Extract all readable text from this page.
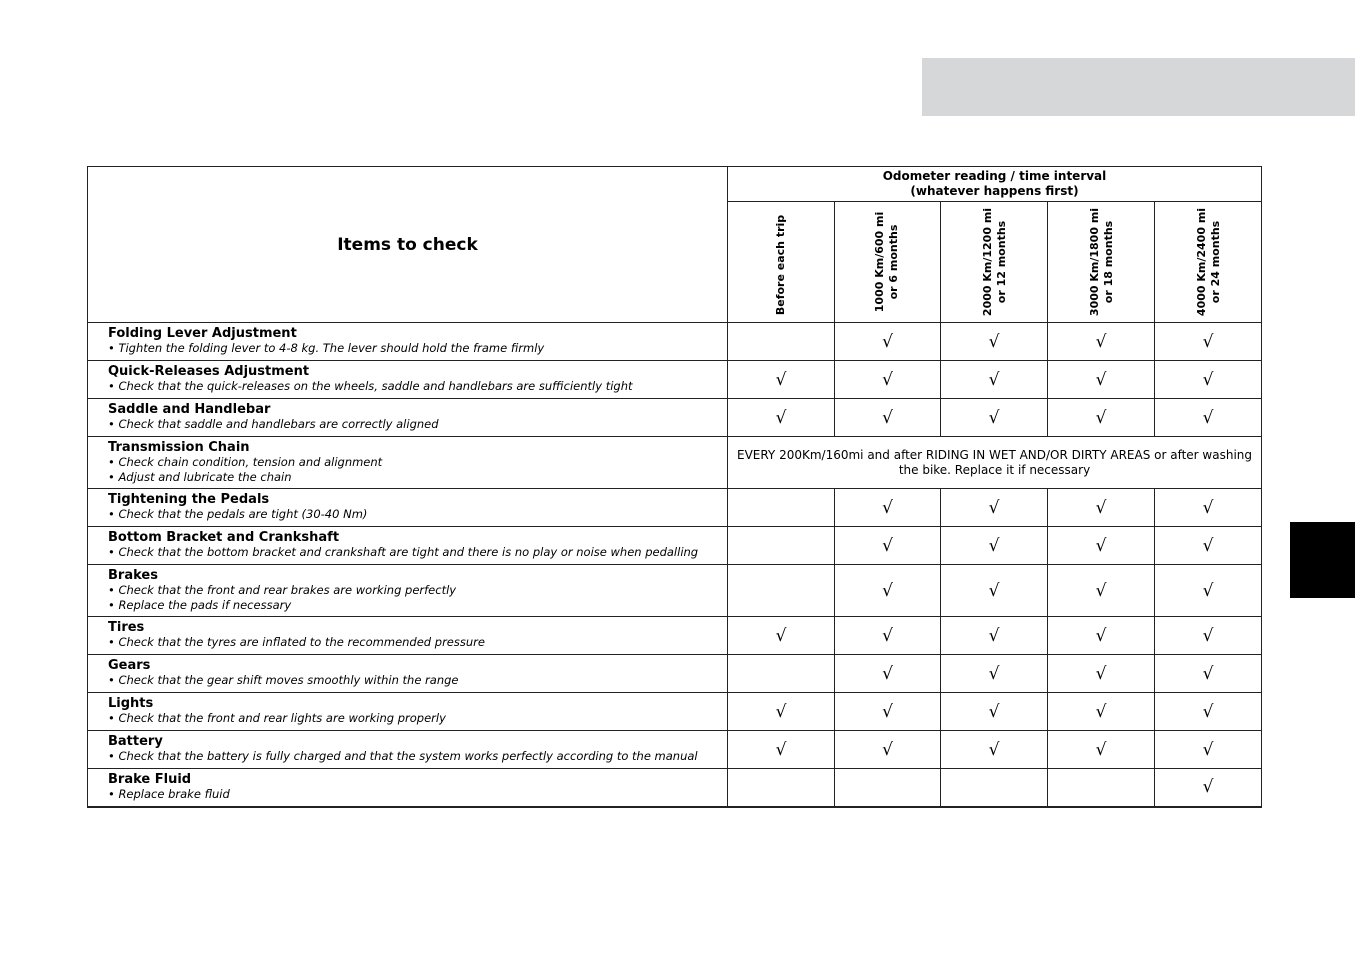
Items to check	Odometer reading / time interval
(whatever happens first)				

	Before each trip	1000 Km/600 mi or 6 months	2000 Km/1200 mi or 12 months	3000 Km/1800 mi or 18 months	4000 Km/2400 mi or 24 months

Folding Lever Adjustment
• Tighten the folding lever to 4-8 kg. The lever should hold the frame firmly		√	√	√	√

Quick-Releases Adjustment
• Check that the quick-releases on the wheels, saddle and handlebars are sufficiently tight	√	√	√	√	√

Saddle and Handlebar
• Check that saddle and handlebars are correctly aligned	√	√	√	√	√

Transmission Chain
• Check chain condition, tension and alignment
• Adjust and lubricate the chain	EVERY 200Km/160mi and after RIDING IN WET AND/OR DIRTY AREAS or after washing the bike. Replace it if necessary				

Tightening the Pedals
• Check that the pedals are tight (30-40 Nm)		√	√	√	√

Bottom Bracket and Crankshaft
• Check that the bottom bracket and crankshaft are tight and there is no play or noise when pedalling		√	√	√	√

Brakes
• Check that the front and rear brakes are working perfectly
• Replace the pads if necessary		√	√	√	√

Tires
• Check that the tyres are inflated to the recommended pressure	√	√	√	√	√

Gears
• Check that the gear shift moves smoothly within the range		√	√	√	√

Lights
• Check that the front and rear lights are working properly	√	√	√	√	√

Battery
• Check that the battery is fully charged and that the system works perfectly according to the manual	√	√	√	√	√

Brake Fluid
• Replace brake fluid					√
